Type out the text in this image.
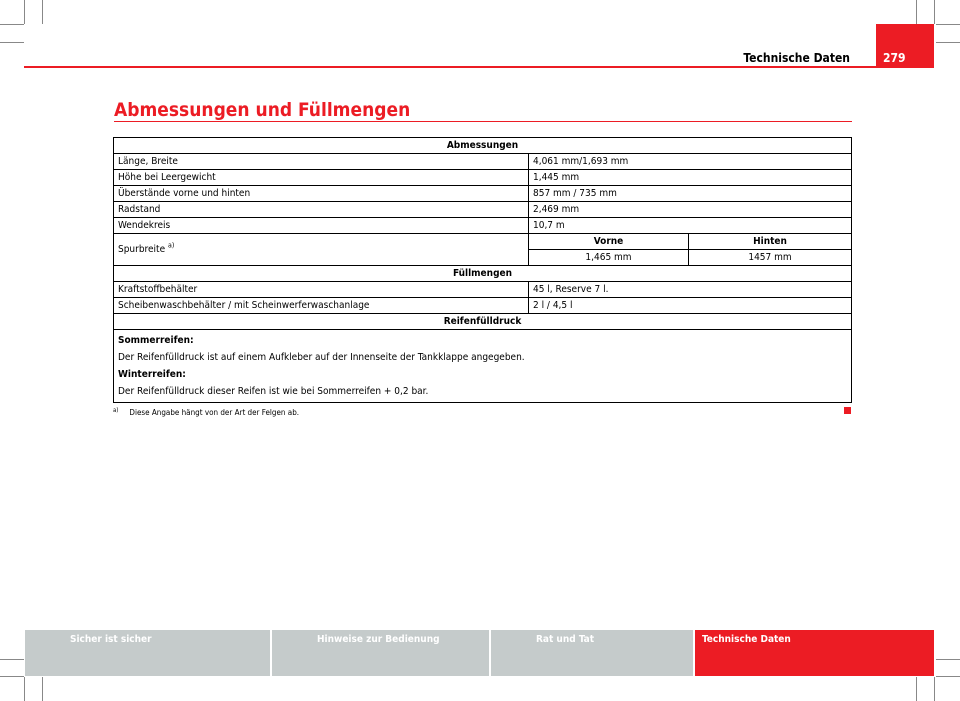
Technische Daten	279
Abmessungen und Füllmengen
Abmessungen		
Länge, Breite	4,061 mm/1,693 mm	
Höhe bei Leergewicht	1,445 mm	
Überstände vorne und hinten	857 mm / 735 mm	
Radstand	2,469 mm	
Wendekreis	10,7 m	
Spurbreite $^{a)}$	Vorne	Hinten
	1,465 mm	1457 mm
Füllmengen		
Kraftstoffbehälter	45 l, Reserve 7 l.	
Scheibenwaschbehälter / mit Scheinwerferwaschanlage	2 l / 4,5 l	
Reifenfülldruck		

Sommerreifen:
Der Reifenfülldruck ist auf einem Aufkleber auf der Innenseite der Tankklappe angegeben.
Winterreifen:
Der Reifenfülldruck dieser Reifen ist wie bei Sommerreifen + 0,2 bar.		
$^{a)}$ Diese Angabe hängt von der Art der Felgen ab.
Sicher ist sicher	Hinweise zur Bedienung	Rat und Tat	Technische Daten
